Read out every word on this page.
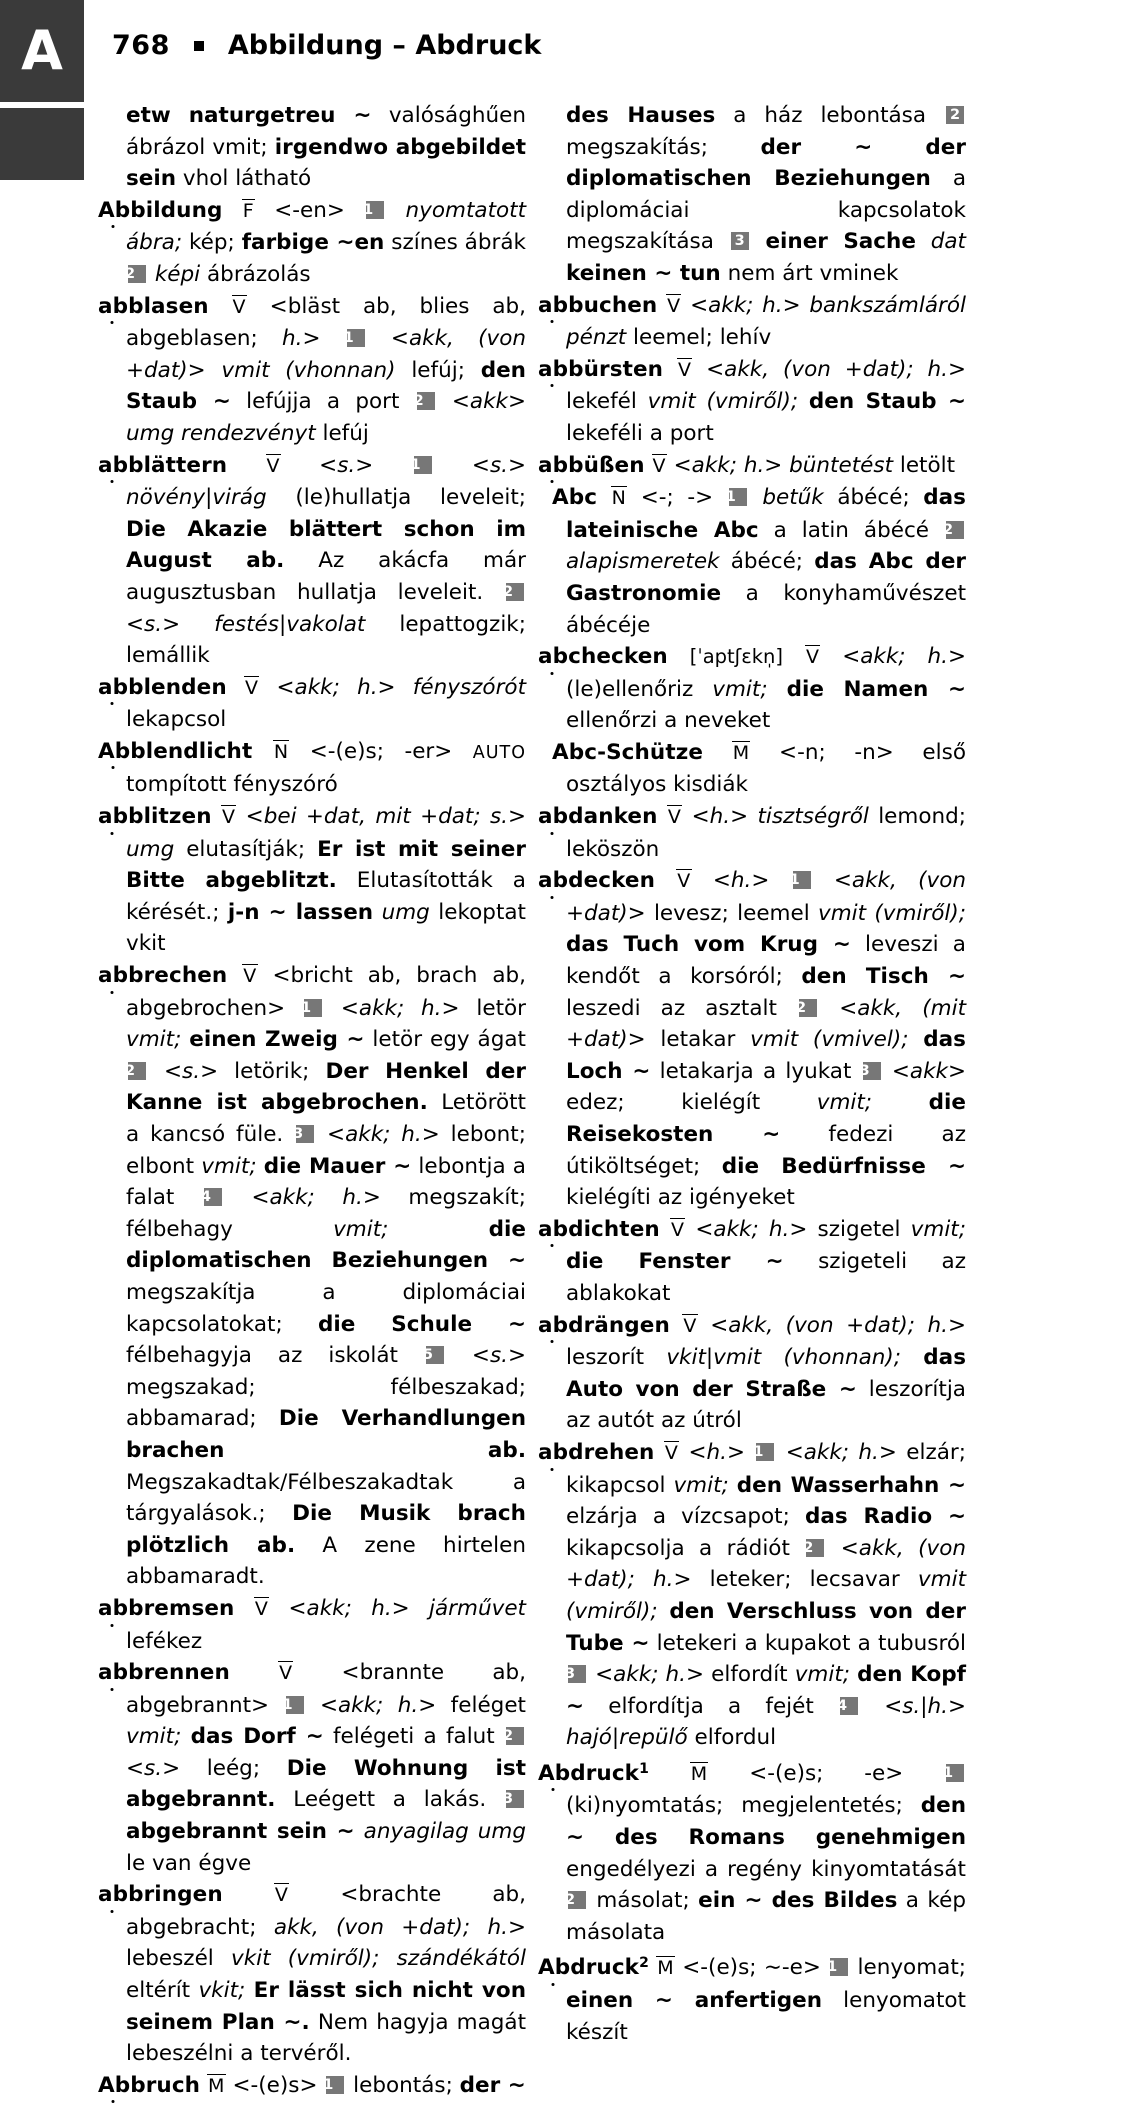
A	768 Abbildung – Abdruck

etw naturgetreu ~ valósághűen ábrázol vmit; irgendwo abgebildet sein vhol látható

Abbildung F <-en> 1 nyomtatott ábra; kép; farbige ~en színes ábrák 2 képi ábrázolás

abblasen V <bläst ab, blies ab, abgeblasen; h.> 1 <akk, (von +dat)> vmit (vhonnan) lefúj; den Staub ~ lefújja a port 2 <akk> umg rendezvényt lefúj

abblättern V <s.> 1 <s.> növény|virág (le)hullatja leveleit; Die Akazie blättert schon im August ab. Az akácfa már augusztusban hullatja leveleit. 2 <s.> festés|vakolat lepattogzik; lemállik

abblenden V <akk; h.> fényszórót lekapcsol

Abblendlicht N <-(e)s; -er> AUTO tompított fényszóró

abblitzen V <bei +dat, mit +dat; s.> umg elutasítják; Er ist mit seiner Bitte abgeblitzt. Elutasították a kérését.; j-n ~ lassen umg lekoptat vkit

abbrechen V <bricht ab, brach ab, abgebrochen> 1 <akk; h.> letör vmit; einen Zweig ~ letör egy ágat 2 <s.> letörik; Der Henkel der Kanne ist abgebrochen. Letörött a kancsó füle. 3 <akk; h.> lebont; elbont vmit; die Mauer ~ lebontja a falat 4 <akk; h.> megszakít; félbehagy vmit;	die diplomatischen Beziehungen ~ megszakítja a diplomáciai kapcsolatokat; die Schule ~ félbehagyja az iskolát 5 <s.> megszakad; félbeszakad; abbamarad; Die Verhandlungen brachen ab. Megszakadtak/Félbeszakadtak a tárgyalások.; Die Musik brach plötzlich ab. A zene hirtelen abbamaradt.

abbremsen V <akk; h.> járművet lefékez

abbrennen	V <brannte ab, abgebrannt> 1 <akk; h.> feléget vmit; das Dorf ~ felégeti a falut 2 <s.> leég; Die Wohnung ist abgebrannt. Leégett a lakás. 3 abgebrannt sein ~ anyagilag umg le van égve

abbringen	V <brachte ab, abgebracht; akk, (von +dat); h.> lebeszél vkit (vmiről); szándékától eltérít vkit; Er lässt sich nicht von seinem Plan ~. Nem hagyja magát lebeszélni a tervéről.

Abbruch M <-(e)s> 1 lebontás; der ~

des Hauses a ház lebontása 2 megszakítás; der ~ der diplomatischen Beziehungen a diplomáciai kapcsolatok megszakítása 3 einer Sache dat keinen ~ tun nem árt vminek

abbuchen V <akk; h.> bankszámláról pénzt leemel; lehív

abbürsten V <akk, (von +dat); h.> lekefél vmit (vmiről); den Staub ~ lekeféli a port

abbüßen V <akk; h.> büntetést letölt

Abc N <-; -> 1 betűk ábécé; das lateinische Abc a latin ábécé 2 alapismeretek ábécé; das Abc der Gastronomie a konyhaművészet ábécéje

abchecken [ˈaptʃɛkn̩] V <akk; h.> (le)ellenőriz vmit; die Namen ~ ellenőrzi a neveket

Abc-Schütze M <-n; -n> első osztályos kisdiák

abdanken V <h.> tisztségről lemond; leköszön

abdecken V <h.> 1 <akk, (von +dat)> levesz; leemel vmit (vmiről); das Tuch vom Krug ~ leveszi a kendőt a korsóról; den Tisch ~ leszedi az asztalt 2 <akk, (mit +dat)> letakar vmit (vmivel); das Loch ~ letakarja a lyukat 3 <akk> edez; kielégít vmit;	die Reisekosten ~ fedezi az útiköltséget; die Bedürfnisse ~ kielégíti az igényeket

abdichten V <akk; h.> szigetel vmit; die Fenster ~ szigeteli az ablakokat

abdrängen V <akk, (von +dat); h.> leszorít vkit|vmit (vhonnan); das Auto von der Straße ~ leszorítja az autót az útról

abdrehen V <h.> 1 <akk; h.> elzár; kikapcsol vmit; den Wasserhahn ~ elzárja a vízcsapot; das Radio ~ kikapcsolja a rádiót 2 <akk, (von +dat); h.> leteker; lecsavar vmit (vmiről); den Verschluss von der Tube ~ letekeri a kupakot a tubusról 3 <akk; h.> elfordít vmit; den Kopf ~ elfordítja a fejét 4 <s.|h.> hajó|repülő elfordul

Abdruck$^1$ M <-(e)s; -e> 1 (ki)nyomtatás; megjelentetés; den ~ des Romans genehmigen engedélyezi a regény kinyomtatását 2 másolat; ein ~ des Bildes a kép másolata

Abdruck$^2$ M <-(e)s; ∼-e> 1 lenyomat; einen ~ anfertigen lenyomatot készít
